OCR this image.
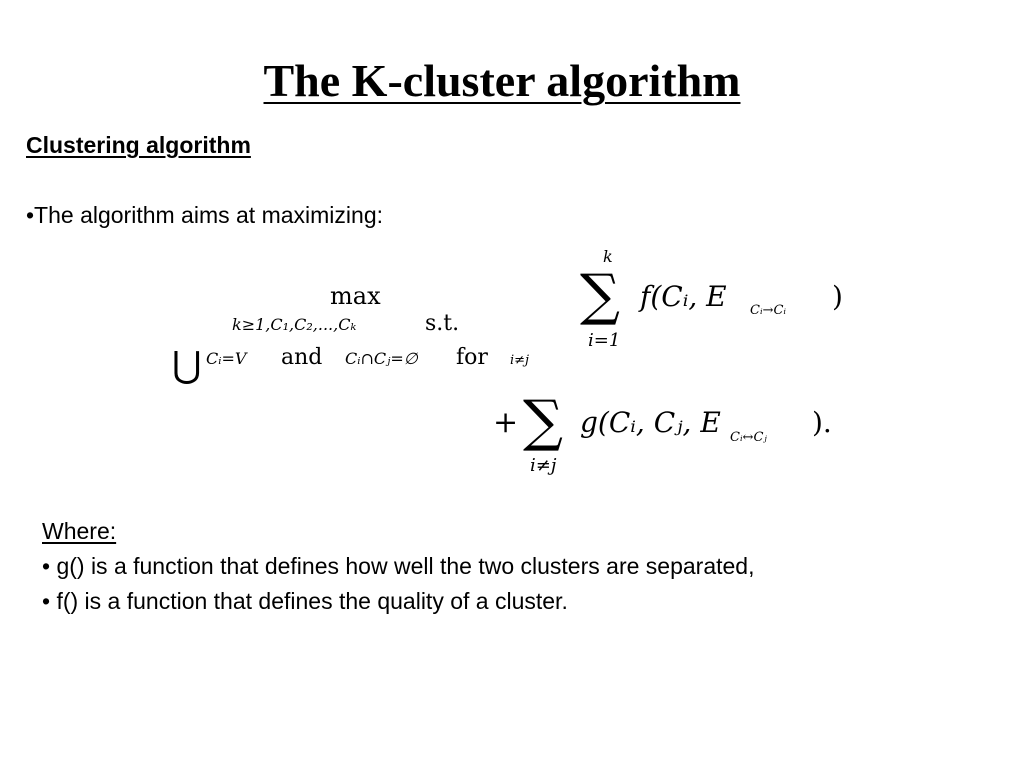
The K-cluster algorithm
Clustering algorithm

•The algorithm aims at maximizing:

max
k≥1,C₁,C₂,...,Cₖ	s.t.
⋃ Cᵢ=V and Cᵢ∩Cⱼ=∅ for i≠j
k
∑
i=1
f(Cᵢ, E Cᵢ→Cᵢ )
+ ∑
i≠j
g(Cᵢ, Cⱼ, E Cᵢ↔Cⱼ ).
Where:
• g() is a function that defines how well the two clusters are separated,
• f() is a function that defines the quality of a cluster.
